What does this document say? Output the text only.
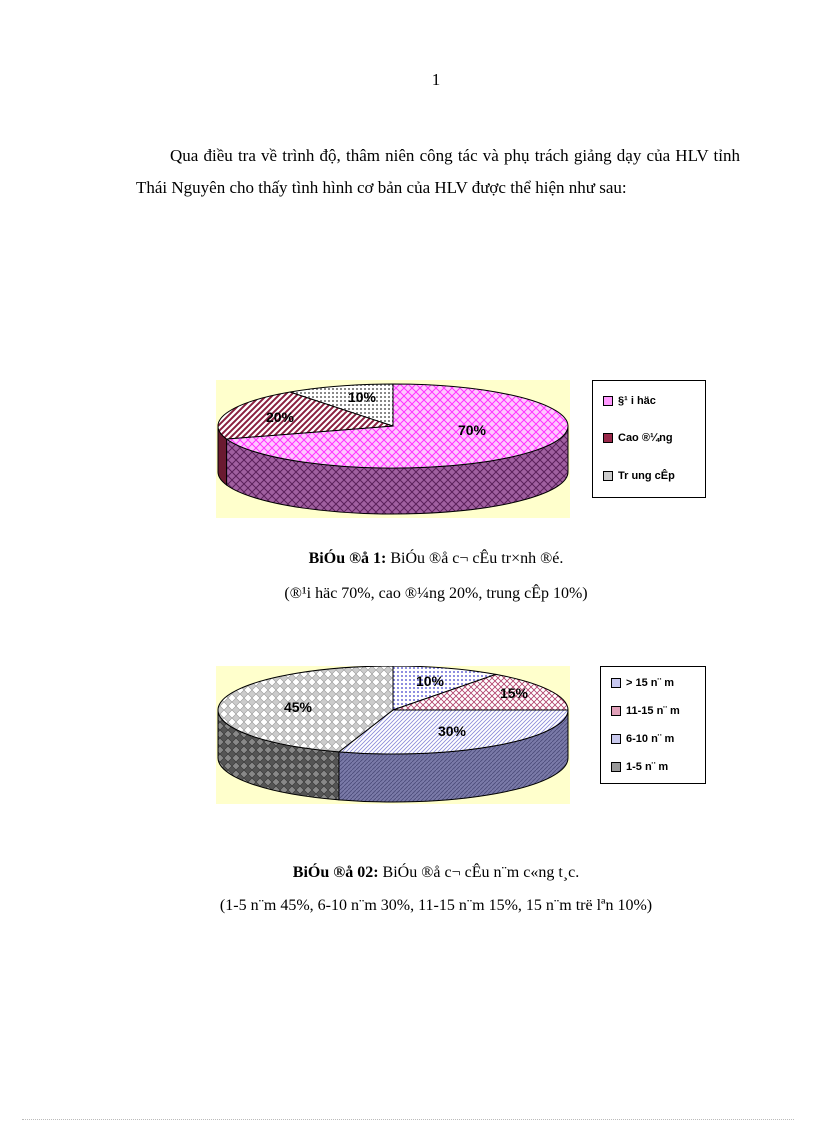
1
Qua điều tra về trình độ, thâm niên công tác và phụ trách giảng dạy của HLV tỉnh Thái Nguyên cho thấy tình hình cơ bản của HLV được thể hiện như sau:
70%
20%
10%	§¹ i häc
Cao ®¼ng
Tr ung cÊp
BiÓu ®å 1: BiÓu ®å c¬ cÊu tr×nh ®é.
(®¹i häc 70%, cao ®¼ng 20%, trung cÊp 10%)
10%
15%
30%
45%
> 15 n¨ m
11-15 n¨ m
6-10 n¨ m
1-5 n¨ m
BiÓu ®å 02: BiÓu ®å c¬ cÊu n¨m c«ng t¸c.
(1-5 n¨m 45%, 6-10 n¨m 30%, 11-15 n¨m 15%, 15 n¨m trë lªn 10%)
